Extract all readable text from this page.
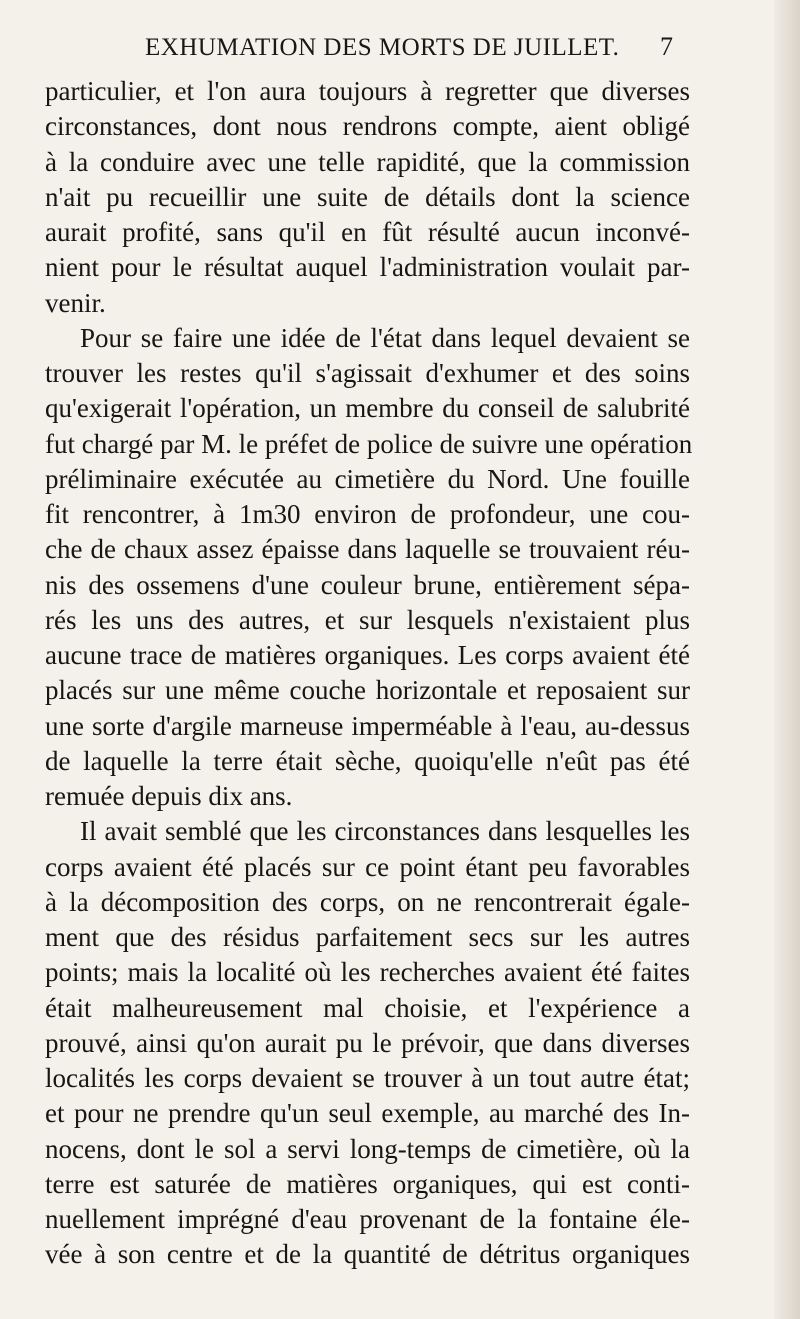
EXHUMATION DES MORTS DE JUILLET. 7
particulier, et l'on aura toujours à regretter que diverses
circonstances, dont nous rendrons compte, aient obligé
à la conduire avec une telle rapidité, que la commission
n'ait pu recueillir une suite de détails dont la science
aurait profité, sans qu'il en fût résulté aucun inconvé-
nient pour le résultat auquel l'administration voulait par-
venir.
Pour se faire une idée de l'état dans lequel devaient se
trouver les restes qu'il s'agissait d'exhumer et des soins
qu'exigerait l'opération, un membre du conseil de salubrité
fut chargé par M. le préfet de police de suivre une opération
préliminaire exécutée au cimetière du Nord. Une fouille
fit rencontrer, à 1m30 environ de profondeur, une cou-
che de chaux assez épaisse dans laquelle se trouvaient réu-
nis des ossemens d'une couleur brune, entièrement sépa-
rés les uns des autres, et sur lesquels n'existaient plus
aucune trace de matières organiques. Les corps avaient été
placés sur une même couche horizontale et reposaient sur
une sorte d'argile marneuse imperméable à l'eau, au-dessus
de laquelle la terre était sèche, quoiqu'elle n'eût pas été
remuée depuis dix ans.
Il avait semblé que les circonstances dans lesquelles les
corps avaient été placés sur ce point étant peu favorables
à la décomposition des corps, on ne rencontrerait égale-
ment que des résidus parfaitement secs sur les autres
points; mais la localité où les recherches avaient été faites
était malheureusement mal choisie, et l'expérience a
prouvé, ainsi qu'on aurait pu le prévoir, que dans diverses
localités les corps devaient se trouver à un tout autre état;
et pour ne prendre qu'un seul exemple, au marché des In-
nocens, dont le sol a servi long-temps de cimetière, où la
terre est saturée de matières organiques, qui est conti-
nuellement imprégné d'eau provenant de la fontaine éle-
vée à son centre et de la quantité de détritus organiques
